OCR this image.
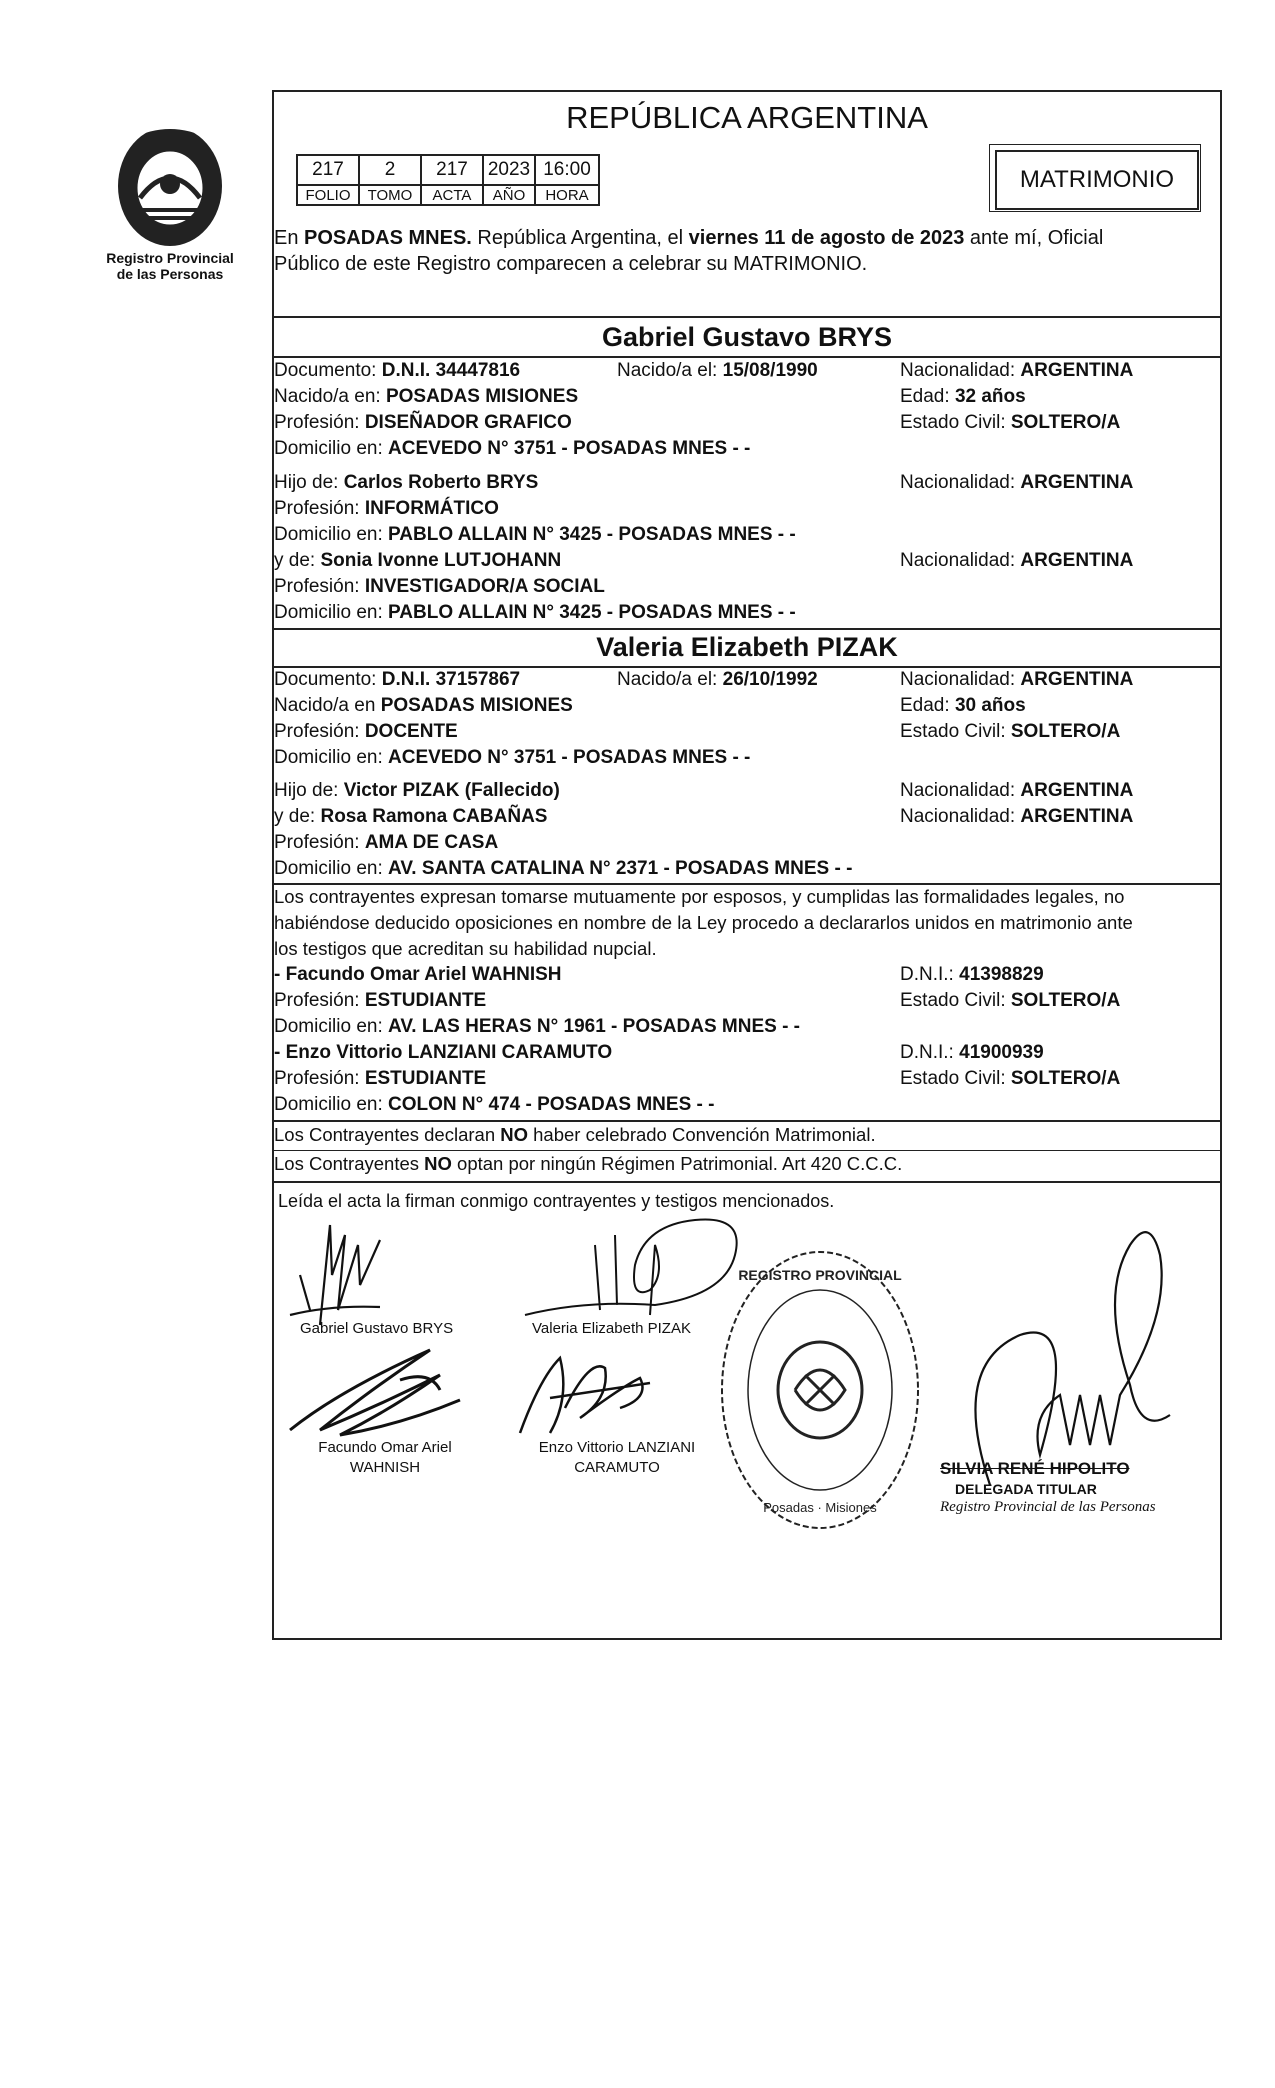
Registro Provincial
de las Personas
REPÚBLICA ARGENTINA
217	2	217	2023	16:00
FOLIO	TOMO	ACTA	AÑO	HORA
MATRIMONIO
En POSADAS MNES. República Argentina, el viernes 11 de agosto de 2023 ante mí, Oficial
Público de este Registro comparecen a celebrar su MATRIMONIO.
Gabriel Gustavo BRYS
Documento: D.N.I. 34447816	Nacido/a el: 15/08/1990	Nacionalidad: ARGENTINA
Nacido/a en: POSADAS MISIONES	Edad: 32 años
Profesión: DISEÑADOR GRAFICO	Estado Civil: SOLTERO/A
Domicilio en: ACEVEDO N° 3751 - POSADAS MNES - -
Hijo de: Carlos Roberto BRYS	Nacionalidad: ARGENTINA
Profesión: INFORMÁTICO
Domicilio en: PABLO ALLAIN N° 3425 - POSADAS MNES - -
y de: Sonia Ivonne LUTJOHANN	Nacionalidad: ARGENTINA
Profesión: INVESTIGADOR/A SOCIAL
Domicilio en: PABLO ALLAIN N° 3425 - POSADAS MNES - -
Valeria Elizabeth PIZAK
Documento: D.N.I. 37157867	Nacido/a el: 26/10/1992	Nacionalidad: ARGENTINA
Nacido/a en POSADAS MISIONES	Edad: 30 años
Profesión: DOCENTE	Estado Civil: SOLTERO/A
Domicilio en: ACEVEDO N° 3751 - POSADAS MNES - -
Hijo de: Victor PIZAK (Fallecido)	Nacionalidad: ARGENTINA
y de: Rosa Ramona CABAÑAS	Nacionalidad: ARGENTINA
Profesión: AMA DE CASA
Domicilio en: AV. SANTA CATALINA N° 2371 - POSADAS MNES - -
Los contrayentes expresan tomarse mutuamente por esposos, y cumplidas las formalidades legales, no
habiéndose deducido oposiciones en nombre de la Ley procedo a declararlos unidos en matrimonio ante
los testigos que acreditan su habilidad nupcial.
- Facundo Omar Ariel WAHNISH	D.N.I.: 41398829
Profesión: ESTUDIANTE	Estado Civil: SOLTERO/A
Domicilio en: AV. LAS HERAS N° 1961 - POSADAS MNES - -
- Enzo Vittorio LANZIANI CARAMUTO	D.N.I.: 41900939
Profesión: ESTUDIANTE	Estado Civil: SOLTERO/A
Domicilio en: COLON N° 474 - POSADAS MNES - -
Los Contrayentes declaran NO haber celebrado Convención Matrimonial.
Los Contrayentes NO optan por ningún Régimen Patrimonial. Art 420 C.C.C.
Leída el acta la firman conmigo contrayentes y testigos mencionados.
Gabriel Gustavo BRYS	Valeria Elizabeth PIZAK
Facundo Omar Ariel
WAHNISH
Enzo Vittorio LANZIANI
CARAMUTO
REGISTRO PROVINCIAL
Posadas · Misiones
SILVIA RENÉ HIPOLITO
DELEGADA TITULAR
Registro Provincial de las Personas
